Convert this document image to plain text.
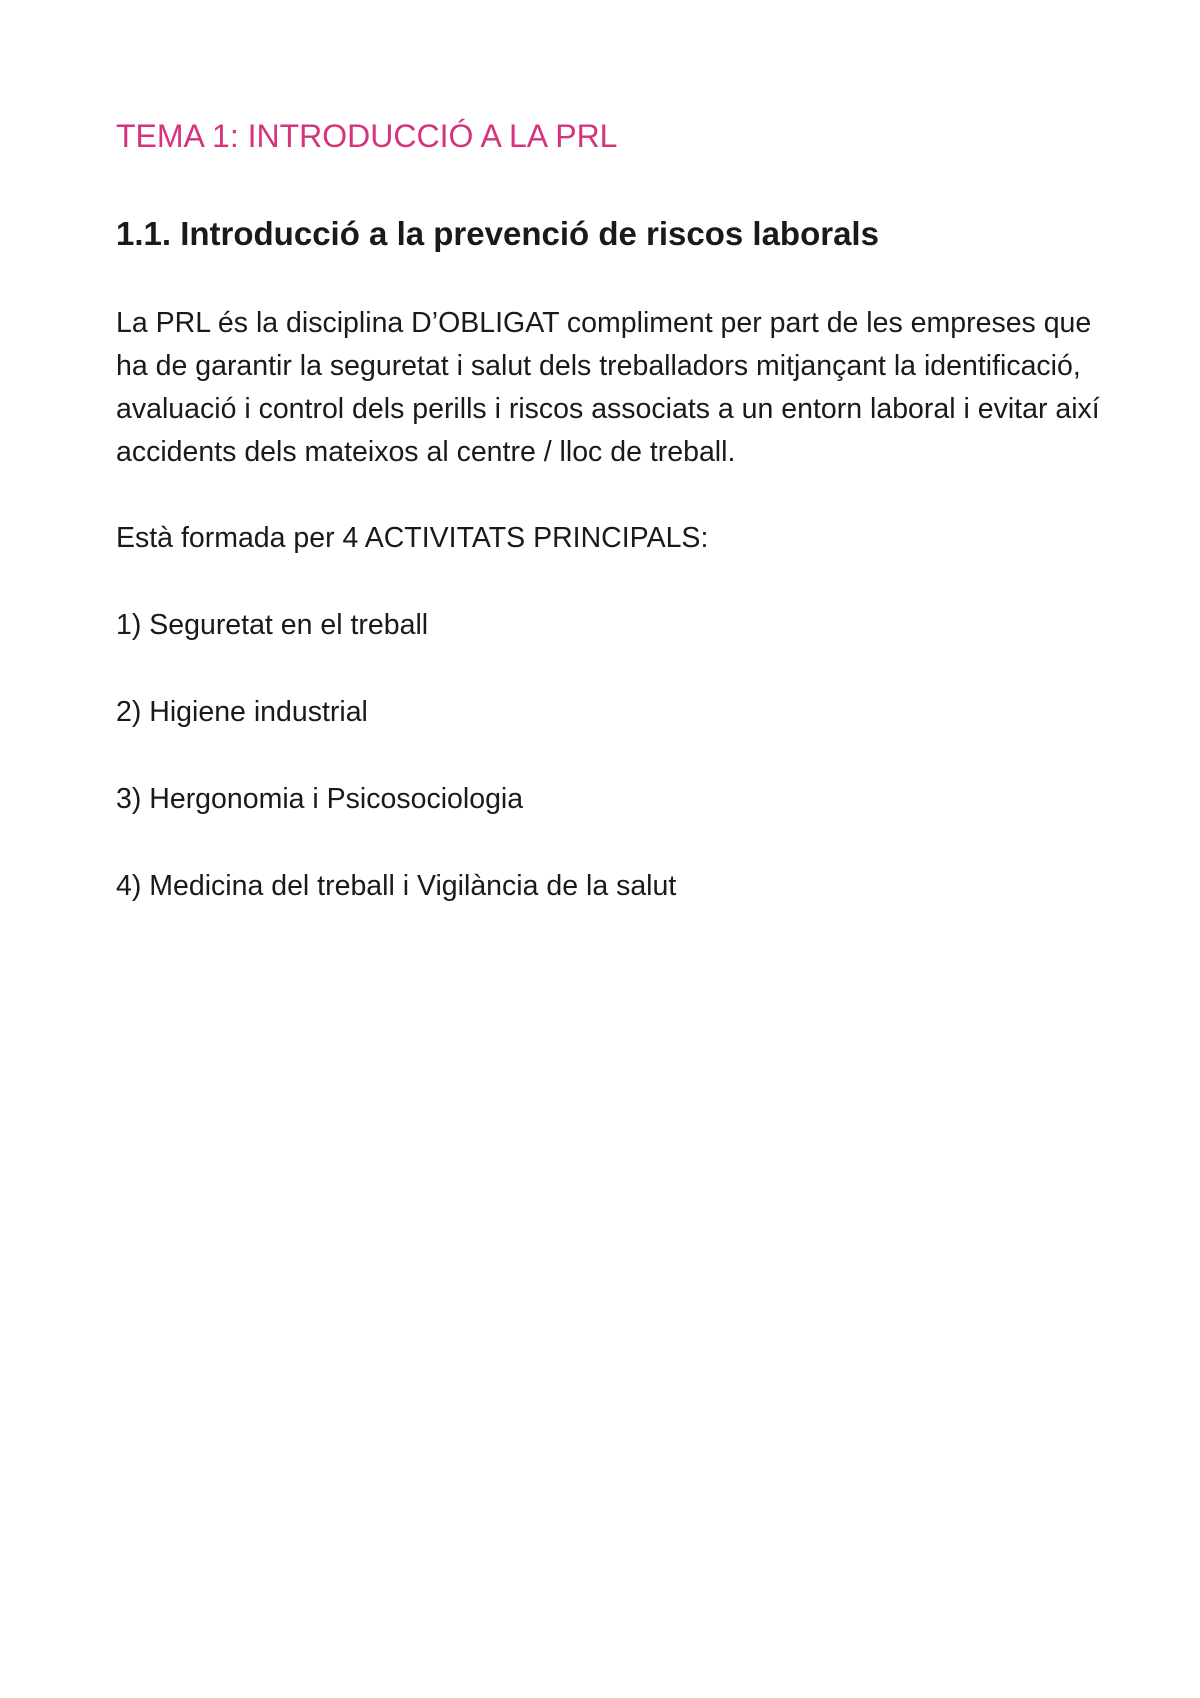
TEMA 1: INTRODUCCIÓ A LA PRL
1.1. Introducció a la prevenció de riscos laborals

La PRL és la disciplina D’OBLIGAT compliment per part de les empreses que ha de garantir la seguretat i salut dels treballadors mitjançant la identificació, avaluació i control dels perills i riscos associats a un entorn laboral i evitar així accidents dels mateixos al centre / lloc de treball.

Està formada per 4 ACTIVITATS PRINCIPALS:

1) Seguretat en el treball
2) Higiene industrial
3) Hergonomia i Psicosociologia
4) Medicina del treball i Vigilància de la salut
